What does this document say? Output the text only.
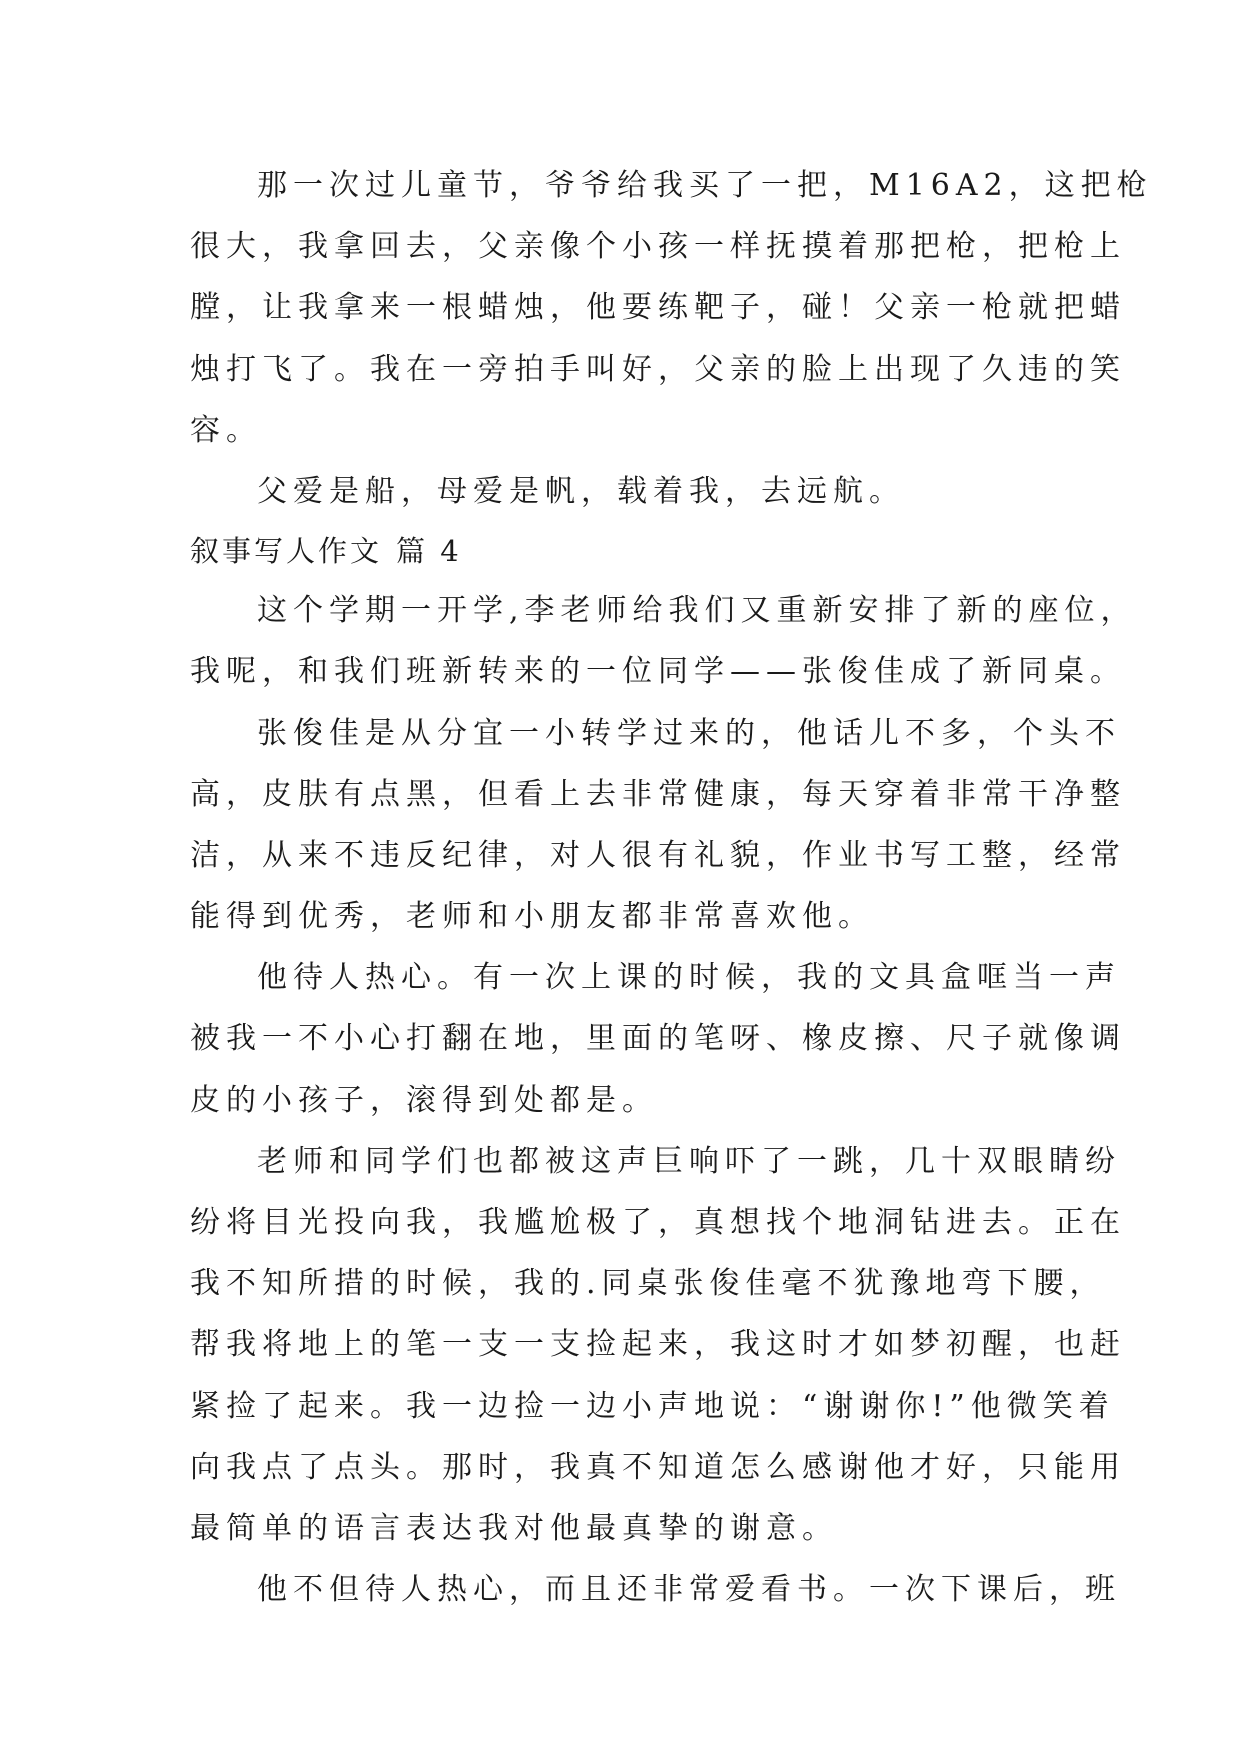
那一次过儿童节，爷爷给我买了一把，M16A2，这把枪
很大，我拿回去，父亲像个小孩一样抚摸着那把枪，把枪上
膛，让我拿来一根蜡烛，他要练靶子，碰！父亲一枪就把蜡
烛打飞了。我在一旁拍手叫好，父亲的脸上出现了久违的笑
容。
父爱是船，母爱是帆，载着我，去远航。
叙事写人作文 篇 4
这个学期一开学,李老师给我们又重新安排了新的座位，
我呢，和我们班新转来的一位同学——张俊佳成了新同桌。
张俊佳是从分宜一小转学过来的，他话儿不多，个头不
高，皮肤有点黑，但看上去非常健康，每天穿着非常干净整
洁，从来不违反纪律，对人很有礼貌，作业书写工整，经常
能得到优秀，老师和小朋友都非常喜欢他。
他待人热心。有一次上课的时候，我的文具盒哐当一声
被我一不小心打翻在地，里面的笔呀、橡皮擦、尺子就像调
皮的小孩子，滚得到处都是。
老师和同学们也都被这声巨响吓了一跳，几十双眼睛纷
纷将目光投向我，我尴尬极了，真想找个地洞钻进去。正在
我不知所措的时候，我的.同桌张俊佳毫不犹豫地弯下腰，
帮我将地上的笔一支一支捡起来，我这时才如梦初醒，也赶
紧捡了起来。我一边捡一边小声地说：“谢谢你!”他微笑着
向我点了点头。那时，我真不知道怎么感谢他才好，只能用
最简单的语言表达我对他最真挚的谢意。
他不但待人热心，而且还非常爱看书。一次下课后，班
